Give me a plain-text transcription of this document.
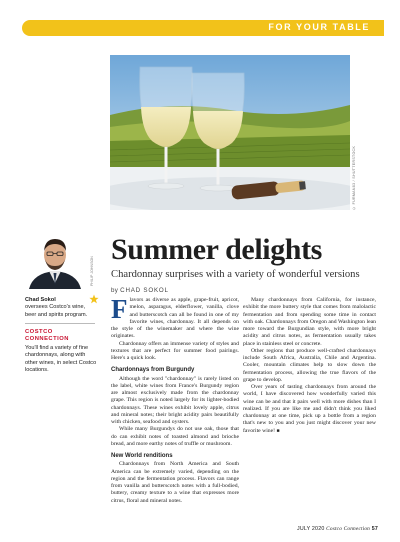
FOR YOUR TABLE
© FURMAN83 / SHUTTERSTOCK
PHILIP JOHNSON
Chad Sokol
oversees Costco's wine, beer and spirits program.
COSTCO CONNECTION
You'll find a variety of fine chardonnays, along with other wines, in select Costco locations.
Summer delights
Chardonnay surprises with a variety of wonderful versions
by CHAD SOKOL

Flavors as diverse as apple, grape-fruit, apricot, melon, asparagus, elderflower, vanilla, clove and butterscotch can all be found in one of my favorite wines, chardonnay. It all depends on the style of the winemaker and where the wine originates.

Chardonnay offers an immense variety of styles and textures that are perfect for summer food pairings. Here's a quick look.

Chardonnays from Burgundy

Although the word "chardonnay" is rarely listed on the label, white wines from France's Burgundy region are almost exclusively made from the chardonnay grape. This region is noted largely for its lighter-bodied chardonnays. These wines exhibit lovely apple, citrus and mineral notes; their bright acidity pairs beautifully with chicken, seafood and oysters.

While many Burgundys do not use oak, those that do can exhibit notes of toasted almond and brioche bread, and more earthy notes of truffle or mushroom.

New World renditions

Chardonnays from North America and South America can be extremely varied, depending on the region and the fermentation process. Flavors can range from vanilla and butterscotch notes with a full-bodied, buttery, creamy texture to a wine that expresses more citrus, floral and mineral notes.

Many chardonnays from California, for instance, exhibit the more buttery style that comes from malolactic fermentation and from spending some time in contact with oak. Chardonnays from Oregon and Washington lean more toward the Burgundian style, with more bright acidity and citrus notes, as fermentation usually takes place in stainless steel or concrete.

Other regions that produce well-crafted chardonnays include South Africa, Australia, Chile and Argentina. Cooler, mountain climates help to slow down the fermentation process, allowing the true flavors of the grape to develop.

Over years of tasting chardonnays from around the world, I have discovered how wonderfully varied this wine can be and that it pairs well with more dishes than I realized. If you are like me and didn't think you liked chardonnay at one time, pick up a bottle from a region that's new to you and you just might discover your new favorite wine! ■

JULY 2020 Costco Connection 57
